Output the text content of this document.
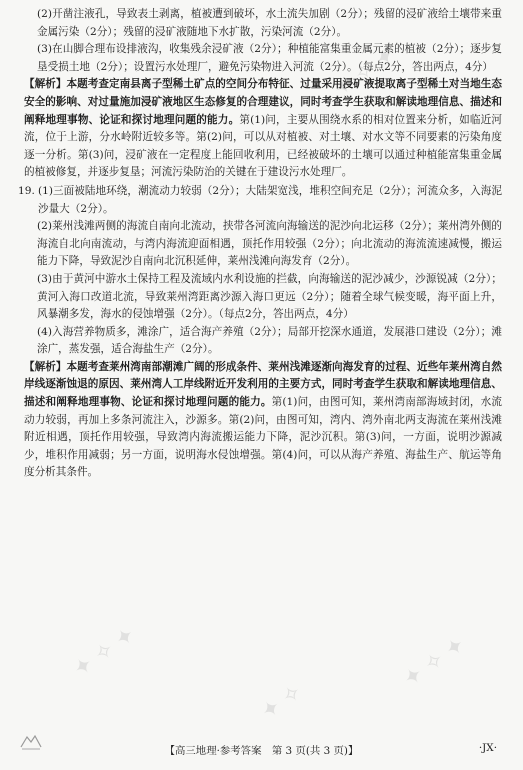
✦ ✧ ✦
✦ ✧ ✦
✦ ✧
✦ ✧ ✦

(2)开凿注液孔，导致表土剥离，植被遭到破坏，水土流失加剧（2分）；残留的浸矿液给土壤带来重金属污染（2分）；残留的浸矿液随地下水扩散，污染河流（2分）。

(3)在山脚合理布设排液沟，收集残余浸矿液（2分）；种植能富集重金属元素的植被（2分）；逐步复垦受损土地（2分）；设置污水处理厂，避免污染物进入河流（2分）。（每点2分，答出两点，4分）

【解析】本题考查定南县离子型稀土矿点的空间分布特征、过量采用浸矿液提取离子型稀土对当地生态安全的影响、对过量施加浸矿液地区生态修复的合理建议，同时考查学生获取和解读地理信息、描述和阐释地理事物、论证和探讨地理问题的能力。第(1)问，主要从围绕水系的相对位置来分析，如临近河流，位于上游，分水岭附近较多等。第(2)问，可以从对植被、对土壤、对水文等不同要素的污染角度逐一分析。第(3)问，浸矿液在一定程度上能回收利用，已经被破坏的土壤可以通过种植能富集重金属的植被修复，并逐步复垦；河流污染防治的关键在于建设污水处理厂。

19. (1)三面被陆地环绕，潮流动力较弱（2分）；大陆架宽浅，堆积空间充足（2分）；河流众多，入海泥沙量大（2分）。

(2)莱州浅滩两侧的海流自南向北流动，挟带各河流向海输送的泥沙向北运移（2分）；莱州湾外侧的海流自北向南流动，与湾内海流迎面相遇，顶托作用较强（2分）；向北流动的海流流速减慢，搬运能力下降，导致泥沙自南向北沉积延伸，莱州浅滩向海发育（2分）。

(3)由于黄河中游水土保持工程及流域内水利设施的拦截，向海输送的泥沙减少，沙源锐减（2分）；黄河入海口改道北流，导致莱州湾距离沙源入海口更远（2分）；随着全球气候变暖，海平面上升，风暴潮多发，海水的侵蚀增强（2分）。（每点2分，答出两点，4分）

(4)入海营养物质多，滩涂广，适合海产养殖（2分）；局部开挖深水通道，发展港口建设（2分）；滩涂广，蒸发强，适合海盐生产（2分）。

【解析】本题考查莱州湾南部潮滩广阔的形成条件、莱州浅滩逐渐向海发育的过程、近些年莱州湾自然岸线逐渐蚀退的原因、莱州湾人工岸线附近开发利用的主要方式，同时考查学生获取和解读地理信息、描述和阐释地理事物、论证和探讨地理问题的能力。第(1)问，由图可知，莱州湾南部海域封闭，水流动力较弱，再加上多条河流注入，沙源多。第(2)问，由图可知，湾内、湾外南北两支海流在莱州浅滩附近相遇，顶托作用较强，导致湾内海流搬运能力下降，泥沙沉积。第(3)问，一方面，说明沙源减少，堆积作用减弱；另一方面，说明海水侵蚀增强。第(4)问，可以从海产养殖、海盐生产、航运等角度分析其条件。

【高三地理·参考答案　第 3 页(共 3 页)】	·JX·
